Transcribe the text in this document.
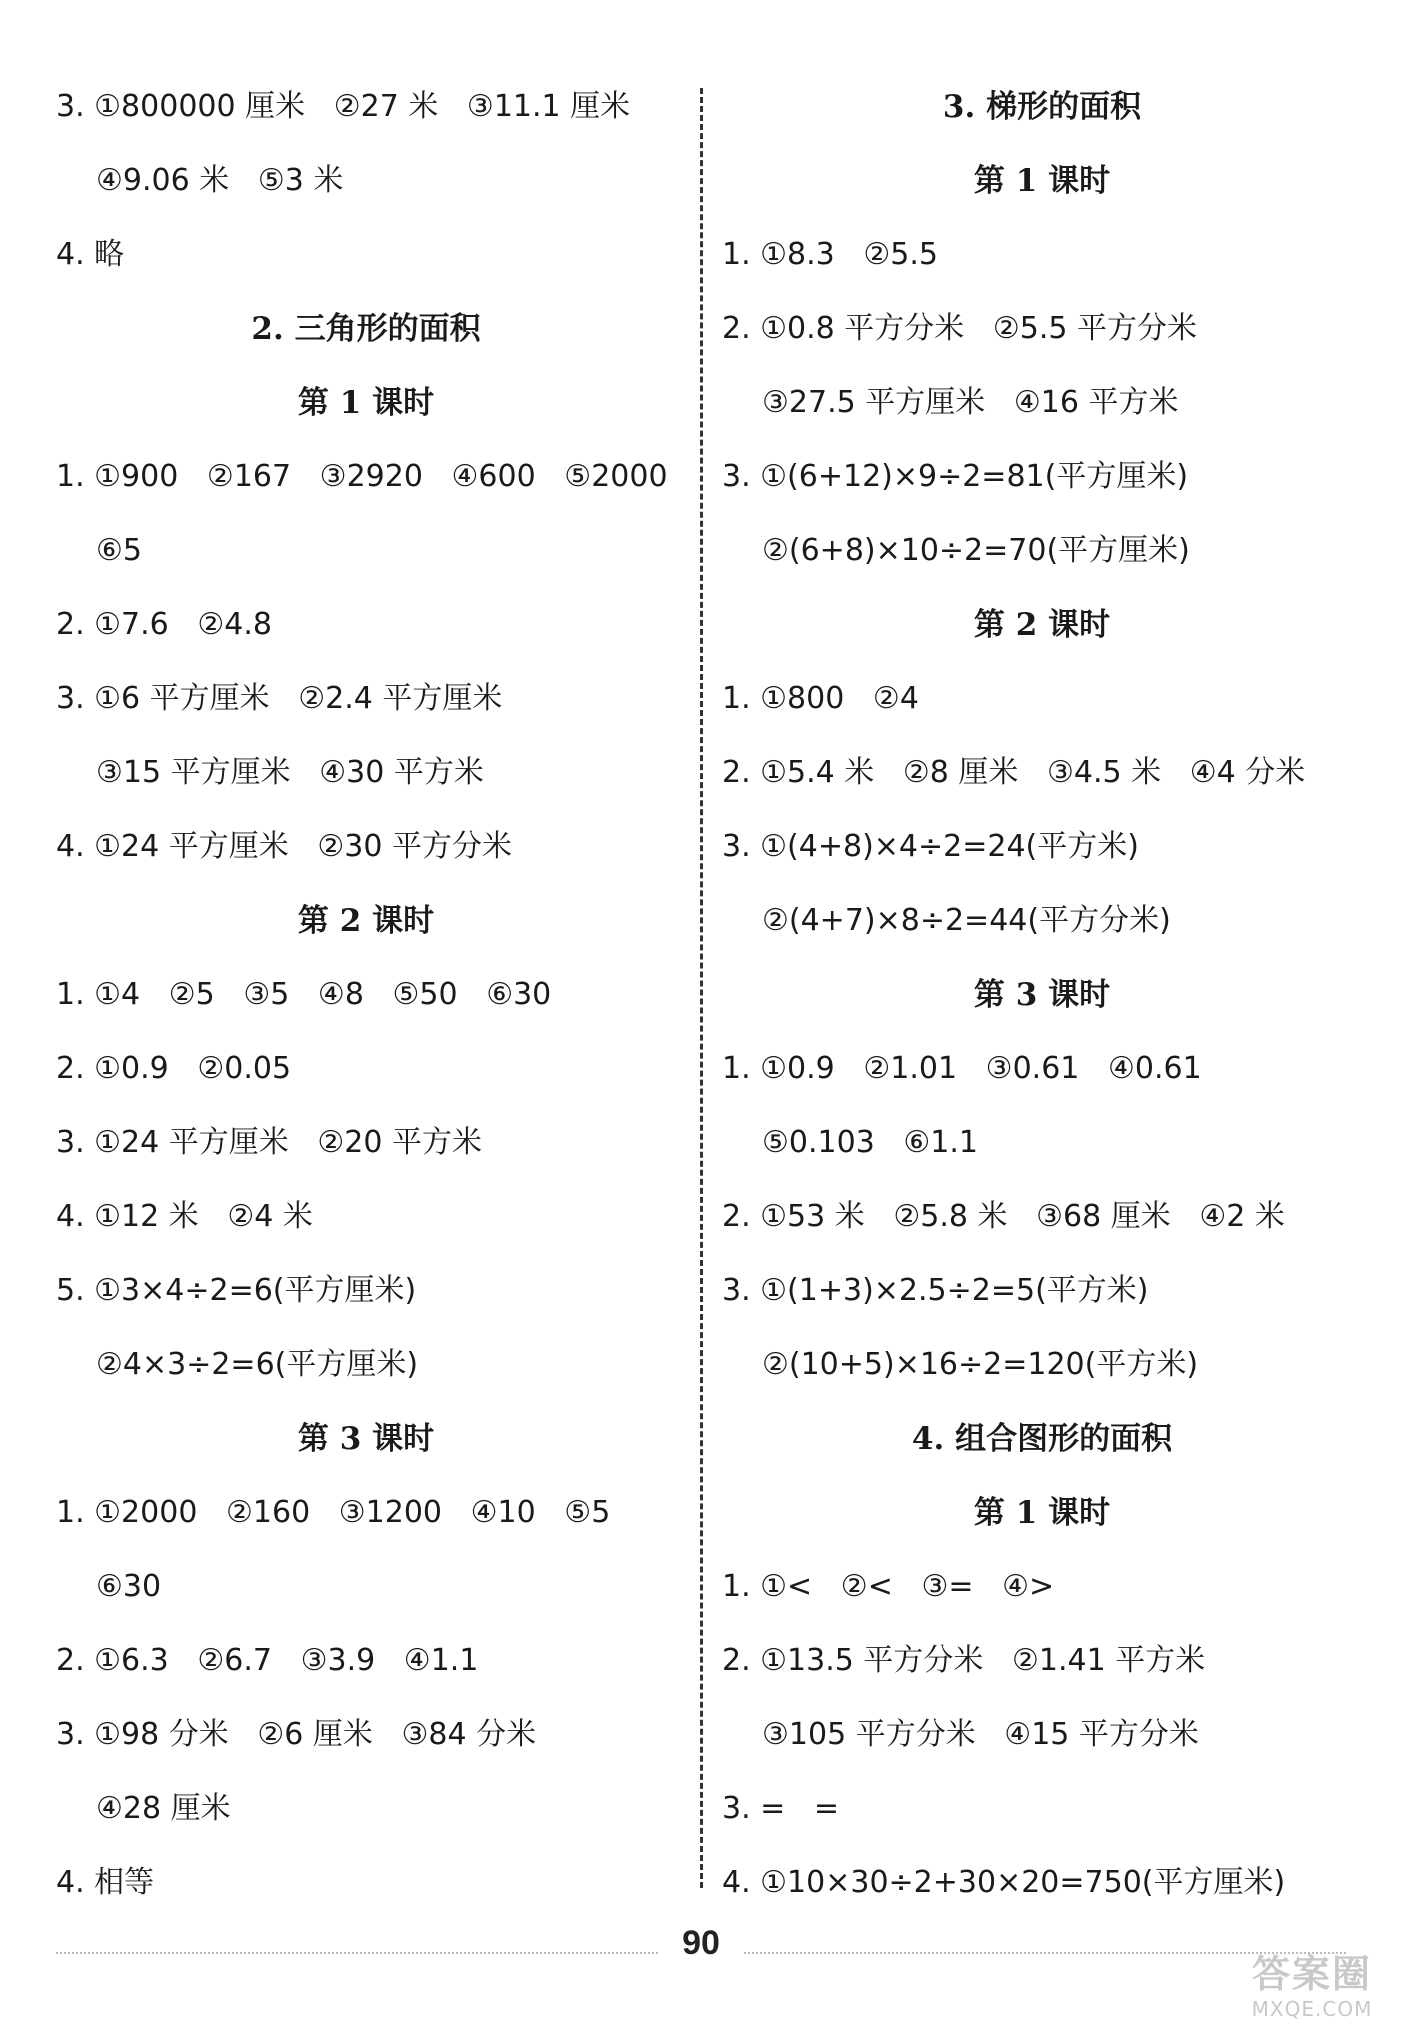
3. ①800000 厘米   ②27 米   ③11.1 厘米
④9.06 米   ⑤3 米
4. 略
2. 三角形的面积
第 1 课时
1. ①900   ②167   ③2920   ④600   ⑤2000
⑥5
2. ①7.6   ②4.8
3. ①6 平方厘米   ②2.4 平方厘米
③15 平方厘米   ④30 平方米
4. ①24 平方厘米   ②30 平方分米
第 2 课时
1. ①4   ②5   ③5   ④8   ⑤50   ⑥30
2. ①0.9   ②0.05
3. ①24 平方厘米   ②20 平方米
4. ①12 米   ②4 米
5. ①3×4÷2=6(平方厘米)
②4×3÷2=6(平方厘米)
第 3 课时
1. ①2000   ②160   ③1200   ④10   ⑤5
⑥30
2. ①6.3   ②6.7   ③3.9   ④1.1
3. ①98 分米   ②6 厘米   ③84 分米
④28 厘米
4. 相等
3. 梯形的面积
第 1 课时
1. ①8.3   ②5.5
2. ①0.8 平方分米   ②5.5 平方分米
③27.5 平方厘米   ④16 平方米
3. ①(6+12)×9÷2=81(平方厘米)
②(6+8)×10÷2=70(平方厘米)
第 2 课时
1. ①800   ②4
2. ①5.4 米   ②8 厘米   ③4.5 米   ④4 分米
3. ①(4+8)×4÷2=24(平方米)
②(4+7)×8÷2=44(平方分米)
第 3 课时
1. ①0.9   ②1.01   ③0.61   ④0.61
⑤0.103   ⑥1.1
2. ①53 米   ②5.8 米   ③68 厘米   ④2 米
3. ①(1+3)×2.5÷2=5(平方米)
②(10+5)×16÷2=120(平方米)
4. 组合图形的面积
第 1 课时
1. ①<   ②<   ③=   ④>
2. ①13.5 平方分米   ②1.41 平方米
③105 平方分米   ④15 平方分米
3. =   =
4. ①10×30÷2+30×20=750(平方厘米)
90
答案圈
MXQE.COM
